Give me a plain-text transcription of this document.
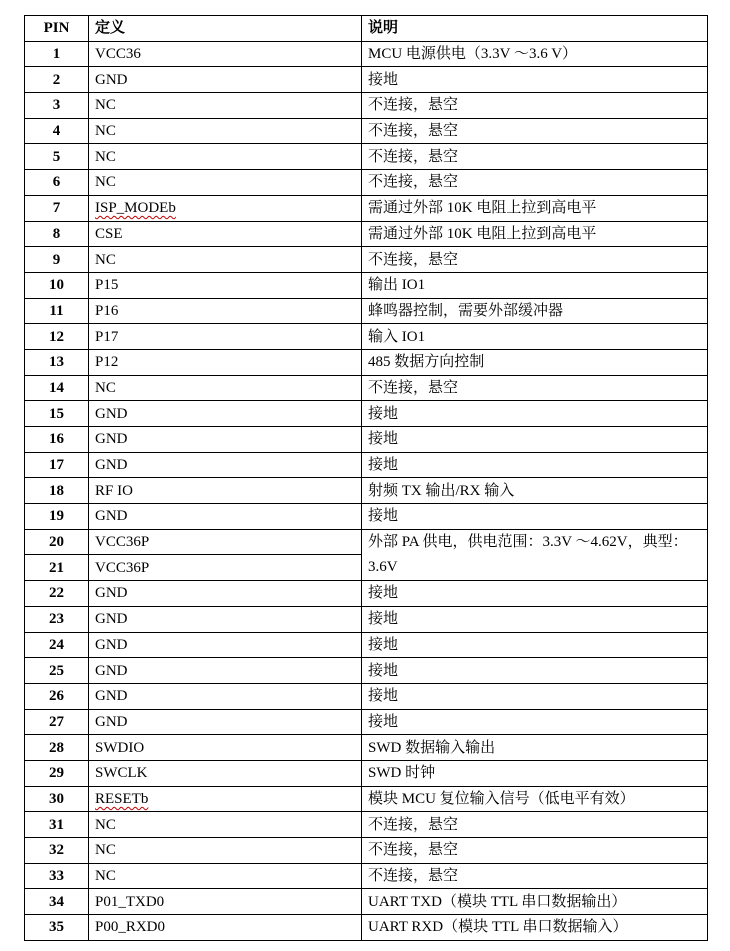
PIN	定义	说明
1	VCC36	MCU 电源供电（3.3V ～3.6 V）
2	GND	接地
3	NC	不连接，悬空
4	NC	不连接，悬空
5	NC	不连接，悬空
6	NC	不连接，悬空
7	ISP_MODEb	需通过外部 10K 电阻上拉到高电平
8	CSE	需通过外部 10K 电阻上拉到高电平
9	NC	不连接，悬空
10	P15	输出 IO1
11	P16	蜂鸣器控制，需要外部缓冲器
12	P17	输入 IO1
13	P12	485 数据方向控制
14	NC	不连接，悬空
15	GND	接地
16	GND	接地
17	GND	接地
18	RF IO	射频 TX 输出/RX 输入
19	GND	接地
20	VCC36P	外部 PA 供电，供电范围：3.3V ～4.62V，典型：3.6V
21	VCC36P	
22	GND	接地
23	GND	接地
24	GND	接地
25	GND	接地
26	GND	接地
27	GND	接地
28	SWDIO	SWD 数据输入输出
29	SWCLK	SWD 时钟
30	RESETb	模块 MCU 复位输入信号（低电平有效）
31	NC	不连接，悬空
32	NC	不连接，悬空
33	NC	不连接，悬空
34	P01_TXD0	UART TXD（模块 TTL 串口数据输出）
35	P00_RXD0	UART RXD（模块 TTL 串口数据输入）
